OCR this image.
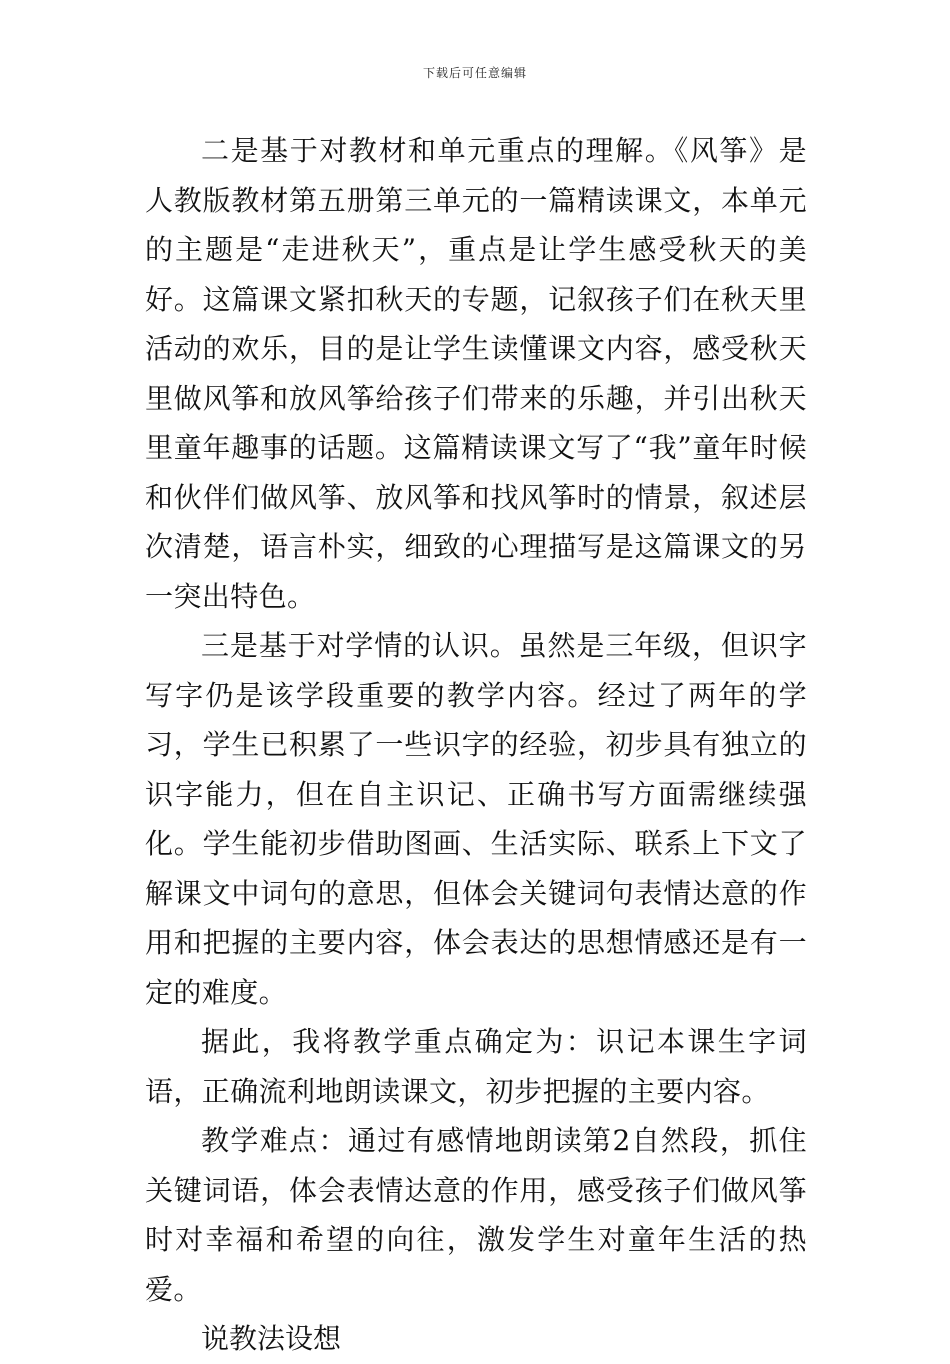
下载后可任意编辑

二是基于对教材和单元重点的理解。《风筝》是人教版教材第五册第三单元的一篇精读课文，本单元的主题是“走进秋天”，重点是让学生感受秋天的美好。这篇课文紧扣秋天的专题，记叙孩子们在秋天里活动的欢乐，目的是让学生读懂课文内容，感受秋天里做风筝和放风筝给孩子们带来的乐趣，并引出秋天里童年趣事的话题。这篇精读课文写了“我”童年时候和伙伴们做风筝、放风筝和找风筝时的情景，叙述层次清楚，语言朴实，细致的心理描写是这篇课文的另一突出特色。

三是基于对学情的认识。虽然是三年级，但识字写字仍是该学段重要的教学内容。经过了两年的学习，学生已积累了一些识字的经验，初步具有独立的识字能力，但在自主识记、正确书写方面需继续强化。学生能初步借助图画、生活实际、联系上下文了解课文中词句的意思，但体会关键词句表情达意的作用和把握的主要内容，体会表达的思想情感还是有一定的难度。

据此，我将教学重点确定为：识记本课生字词语，正确流利地朗读课文，初步把握的主要内容。

教学难点：通过有感情地朗读第2自然段，抓住关键词语，体会表情达意的作用，感受孩子们做风筝时对幸福和希望的向往，激发学生对童年生活的热爱。

说教法设想
